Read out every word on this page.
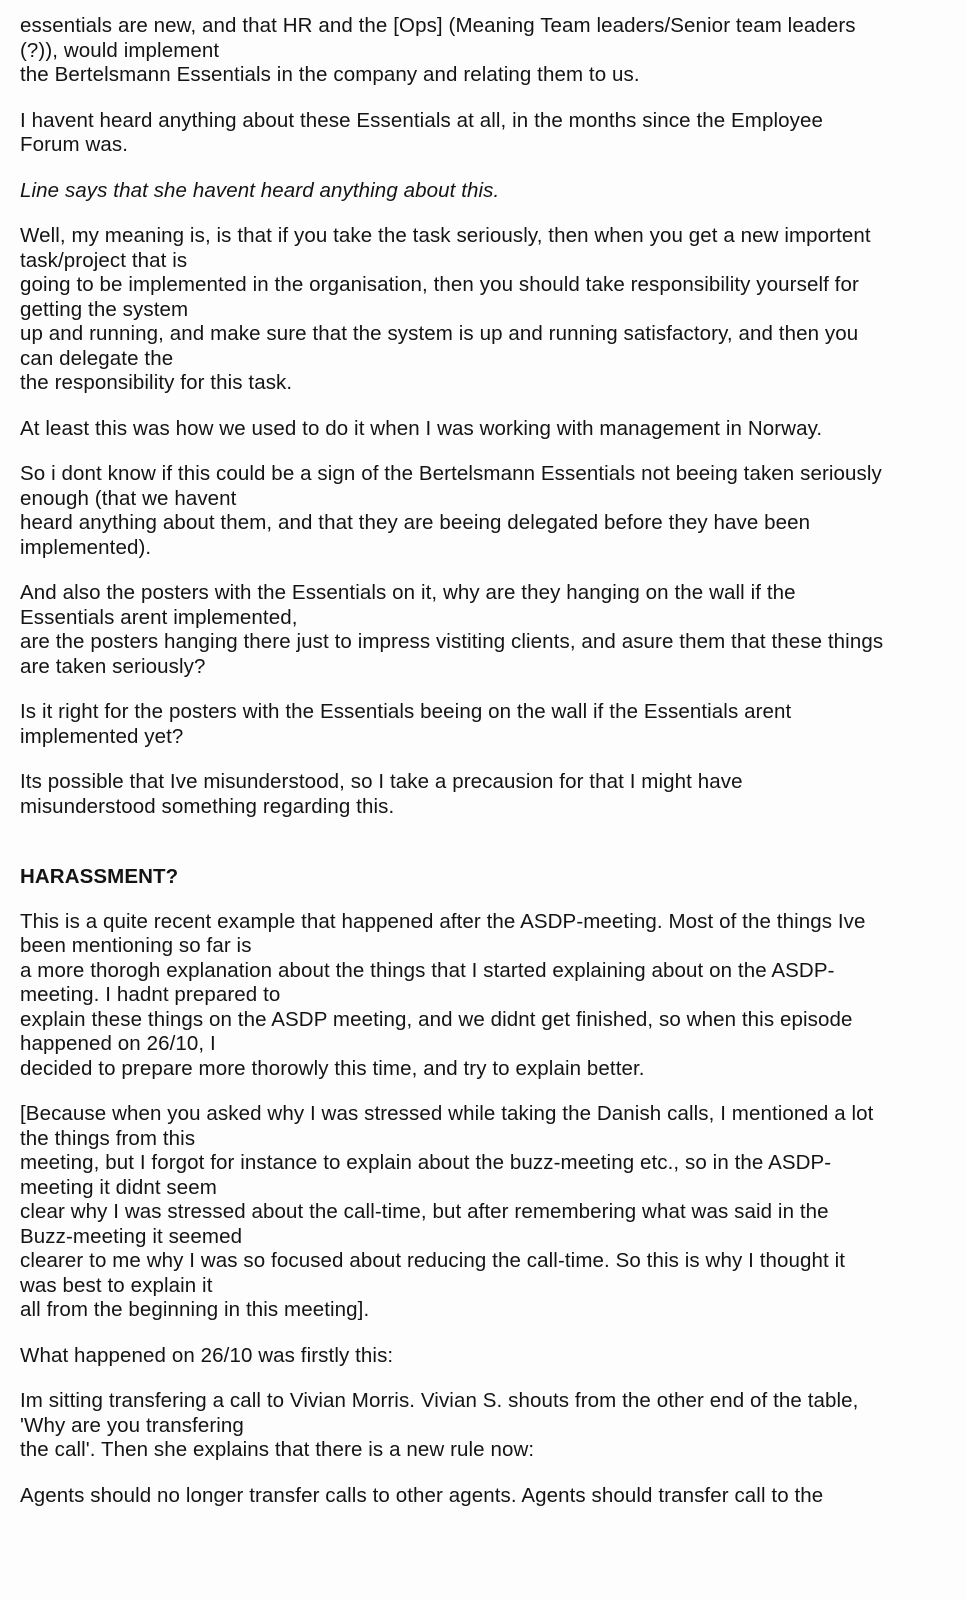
essentials are new, and that HR and the [Ops] (Meaning Team leaders/Senior team leaders
(?)), would implement
the Bertelsmann Essentials in the company and relating them to us.
I havent heard anything about these Essentials at all, in the months since the Employee
Forum was.
Line says that she havent heard anything about this.
Well, my meaning is, is that if you take the task seriously, then when you get a new importent
task/project that is
going to be implemented in the organisation, then you should take responsibility yourself for
getting the system
up and running, and make sure that the system is up and running satisfactory, and then you
can delegate the
the responsibility for this task.
At least this was how we used to do it when I was working with management in Norway.
So i dont know if this could be a sign of the Bertelsmann Essentials not beeing taken seriously
enough (that we havent
heard anything about them, and that they are beeing delegated before they have been
implemented).
And also the posters with the Essentials on it, why are they hanging on the wall if the
Essentials arent implemented,
are the posters hanging there just to impress vistiting clients, and asure them that these things
are taken seriously?
Is it right for the posters with the Essentials beeing on the wall if the Essentials arent
implemented yet?
Its possible that Ive misunderstood, so I take a precausion for that I might have
misunderstood something regarding this.
HARASSMENT?
This is a quite recent example that happened after the ASDP-meeting. Most of the things Ive
been mentioning so far is
a more thorogh explanation about the things that I started explaining about on the ASDP-
meeting. I hadnt prepared to
explain these things on the ASDP meeting, and we didnt get finished, so when this episode
happened on 26/10, I
decided to prepare more thorowly this time, and try to explain better.
[Because when you asked why I was stressed while taking the Danish calls, I mentioned a lot
the things from this
meeting, but I forgot for instance to explain about the buzz-meeting etc., so in the ASDP-
meeting it didnt seem
clear why I was stressed about the call-time, but after remembering what was said in the
Buzz-meeting it seemed
clearer to me why I was so focused about reducing the call-time. So this is why I thought it
was best to explain it
all from the beginning in this meeting].
What happened on 26/10 was firstly this:
Im sitting transfering a call to Vivian Morris. Vivian S. shouts from the other end of the table,
'Why are you transfering
the call'. Then she explains that there is a new rule now:
Agents should no longer transfer calls to other agents. Agents should transfer call to the
